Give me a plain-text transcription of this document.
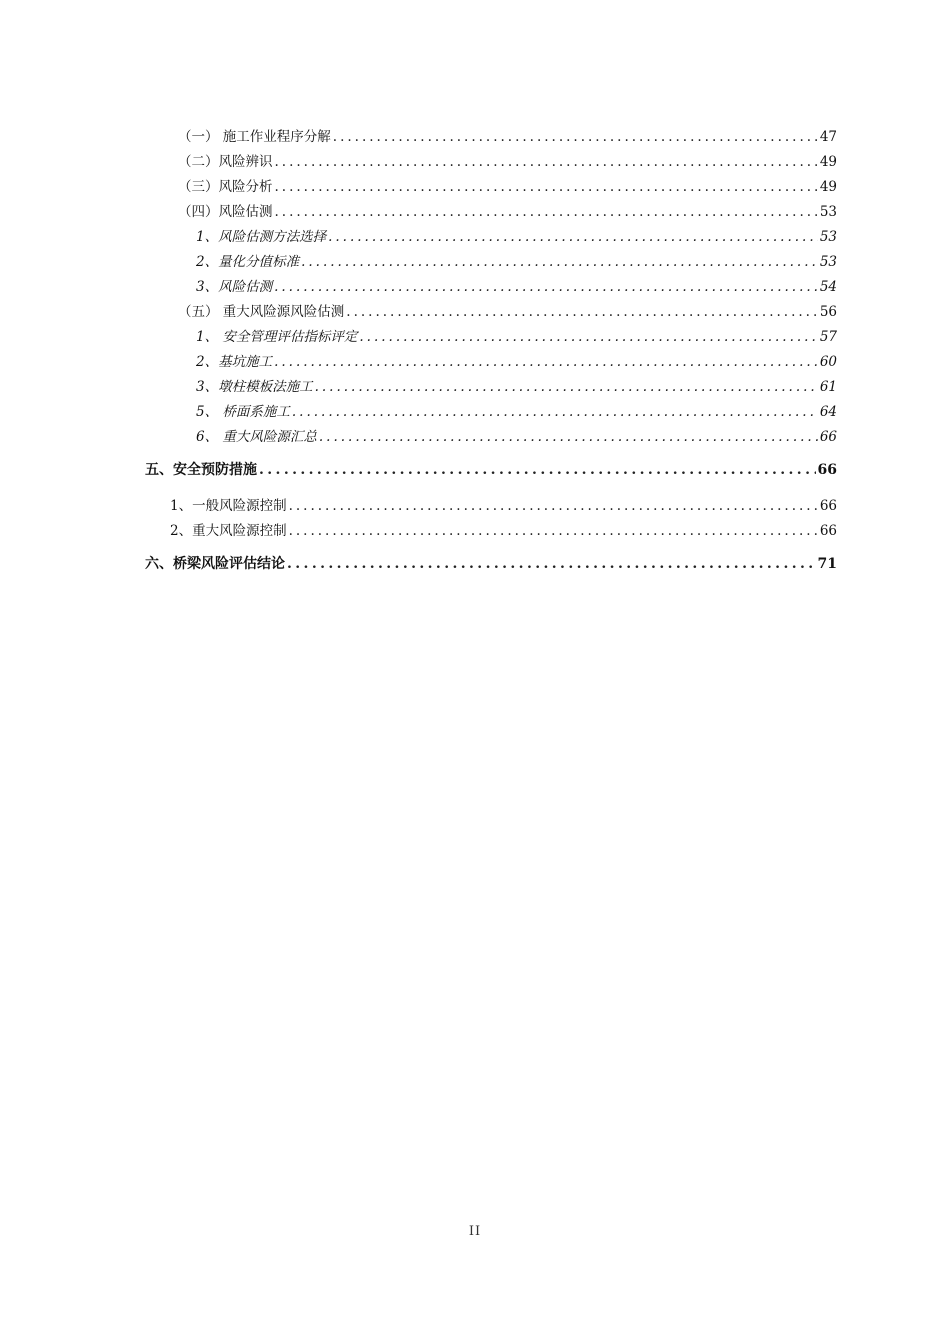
（一） 施工作业程序分解 .....	47
（二）风险辨识 .....	49
（三）风险分析 .....	49
（四）风险估测 .....	53
1、风险估测方法选择 .....	53
2、量化分值标准 .....	53
3、风险估测 .....	54
（五） 重大风险源风险估测 .....	56
1、 安全管理评估指标评定 .....	57
2、基坑施工 .....	60
3、墩柱模板法施工 .....	61
5、 桥面系施工 .....	64
6、 重大风险源汇总 .....	66
五、安全预防措施 .....	66
1、一般风险源控制 .....	66
2、重大风险源控制 .....	66
六、桥梁风险评估结论 .....	71
II
